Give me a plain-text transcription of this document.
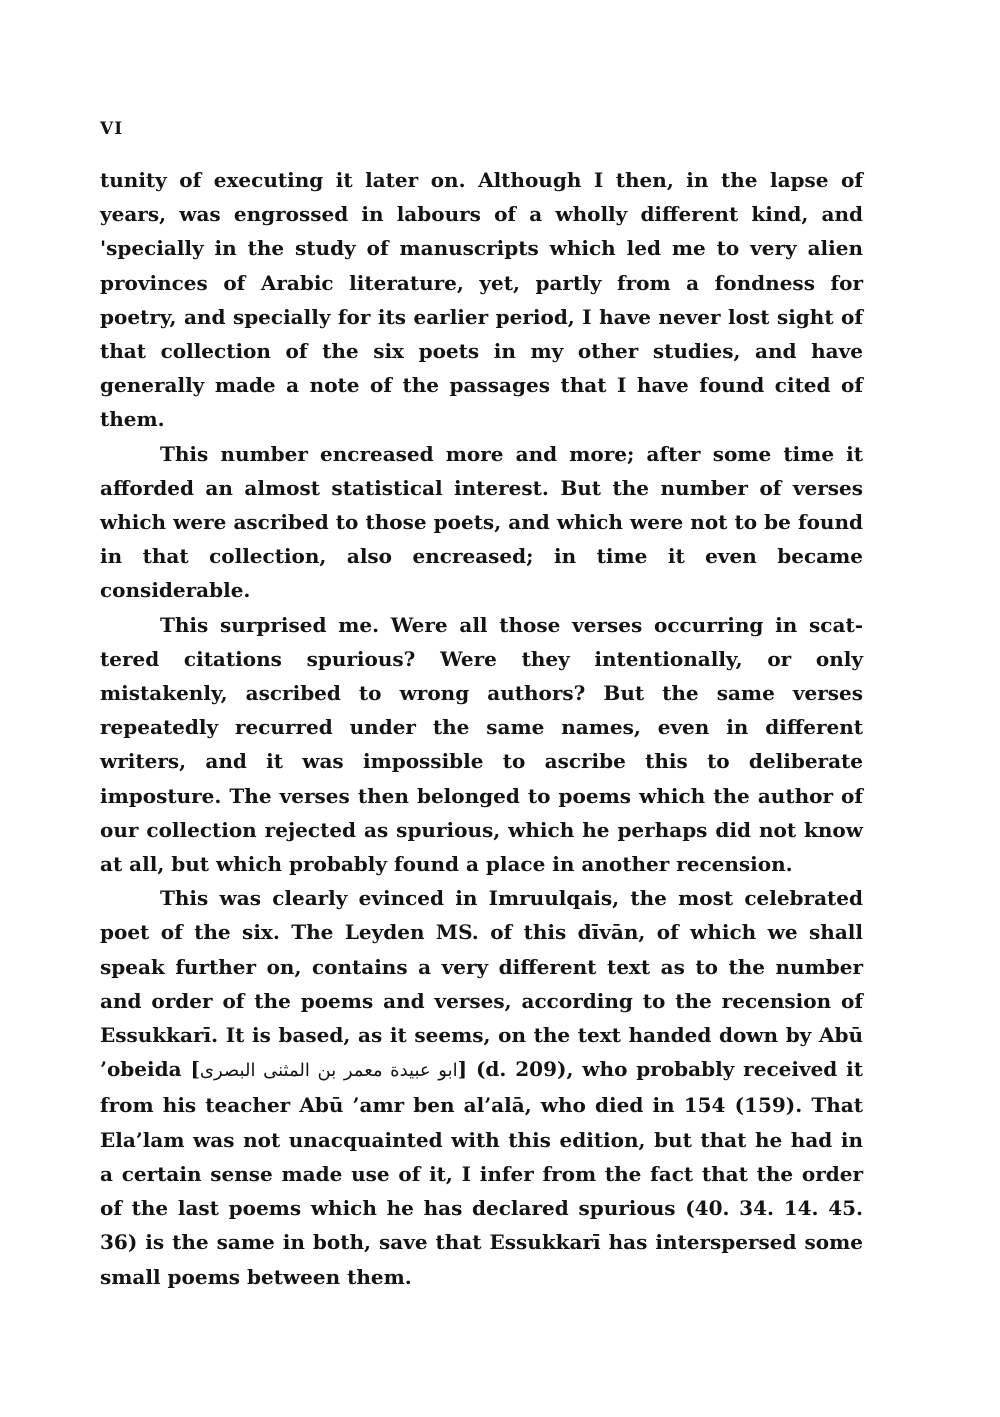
VI

tunity of executing it later on. Although I then, in the lapse of years, was engrossed in labours of a wholly different kind, and 'specially in the study of manuscripts which led me to very alien provinces of Arabic literature, yet, partly from a fondness for poetry, and specially for its earlier period, I have never lost sight of that collection of the six poets in my other studies, and have generally made a note of the passages that I have found cited of them.

This number encreased more and more; after some time it afforded an almost statistical interest. But the number of verses which were ascribed to those poets, and which were not to be found in that collection, also encreased; in time it even became considerable.

This surprised me. Were all those verses occurring in scattered citations spurious? Were they intentionally, or only mistakenly, ascribed to wrong authors? But the same verses repeatedly recurred under the same names, even in different writers, and it was impossible to ascribe this to deliberate imposture. The verses then belonged to poems which the author of our collection rejected as spurious, which he perhaps did not know at all, but which probably found a place in another recension.

This was clearly evinced in Imruulqais, the most celebrated poet of the six. The Leyden MS. of this dīvān, of which we shall speak further on, contains a very different text as to the number and order of the poems and verses, according to the recension of Essukkarī. It is based, as it seems, on the text handed down by Abū ’obeida [ابو عبيدة معمر بن المثنى البصرى] (d. 209), who probably received it from his teacher Abū ’amr ben al’alā, who died in 154 (159). That Ela’lam was not unacquainted with this edition, but that he had in a certain sense made use of it, I infer from the fact that the order of the last poems which he has declared spurious (40. 34. 14. 45. 36) is the same in both, save that Essukkarī has interspersed some small poems between them.
